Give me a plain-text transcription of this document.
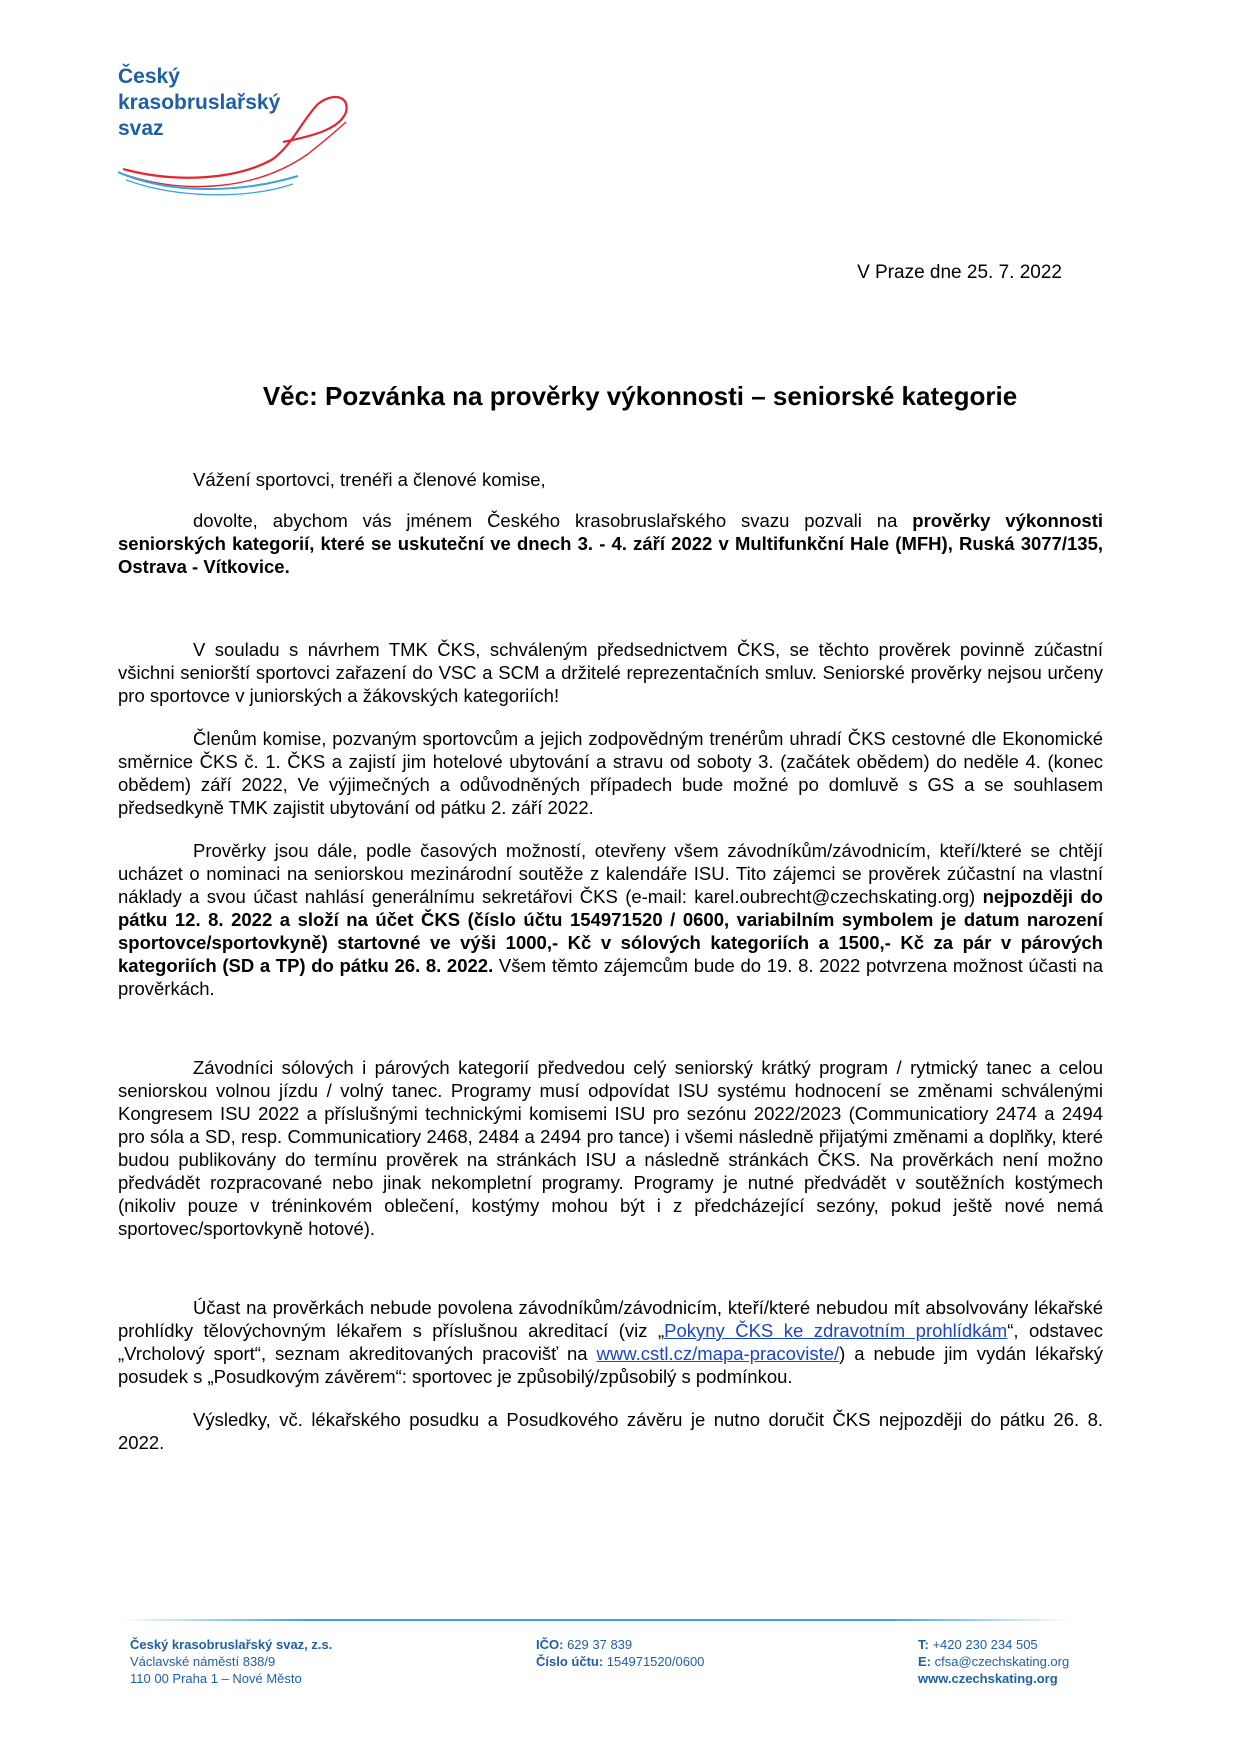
Český
krasobruslařský
svaz
V Praze dne 25. 7. 2022
Věc: Pozvánka na prověrky výkonnosti – seniorské kategorie

Vážení sportovci, trenéři a členové komise,

dovolte, abychom vás jménem Českého krasobruslařského svazu pozvali na prověrky výkonnosti seniorských kategorií, které se uskuteční ve dnech 3. - 4. září 2022 v Multifunkční Hale (MFH), Ruská 3077/135, Ostrava - Vítkovice.

V souladu s návrhem TMK ČKS, schváleným předsednictvem ČKS, se těchto prověrek povinně zúčastní všichni seniorští sportovci zařazení do VSC a SCM a držitelé reprezentačních smluv. Seniorské prověrky nejsou určeny pro sportovce v juniorských a žákovských kategoriích!

Členům komise, pozvaným sportovcům a jejich zodpovědným trenérům uhradí ČKS cestovné dle Ekonomické směrnice ČKS č. 1. ČKS a zajistí jim hotelové ubytování a stravu od soboty 3. (začátek obědem) do neděle 4. (konec obědem) září 2022, Ve výjimečných a odůvodněných případech bude možné po domluvě s GS a se souhlasem předsedkyně TMK zajistit ubytování od pátku 2. září 2022.

Prověrky jsou dále, podle časových možností, otevřeny všem závodníkům/závodnicím, kteří/které se chtějí ucházet o nominaci na seniorskou mezinárodní soutěže z kalendáře ISU. Tito zájemci se prověrek zúčastní na vlastní náklady a svou účast nahlásí generálnímu sekretářovi ČKS (e-mail: karel.oubrecht@czechskating.org) nejpozději do pátku 12. 8. 2022 a složí na účet ČKS (číslo účtu 154971520 / 0600, variabilním symbolem je datum narození sportovce/sportovkyně) startovné ve výši 1000,- Kč v sólových kategoriích a 1500,- Kč za pár v párových kategoriích (SD a TP) do pátku 26. 8. 2022. Všem těmto zájemcům bude do 19. 8. 2022 potvrzena možnost účasti na prověrkách.

Závodníci sólových i párových kategorií předvedou celý seniorský krátký program / rytmický tanec a celou seniorskou volnou jízdu / volný tanec. Programy musí odpovídat ISU systému hodnocení se změnami schválenými Kongresem ISU 2022 a příslušnými technickými komisemi ISU pro sezónu 2022/2023 (Communicatiory 2474 a 2494 pro sóla a SD, resp. Communicatiory 2468, 2484 a 2494 pro tance) i všemi následně přijatými změnami a doplňky, které budou publikovány do termínu prověrek na stránkách ISU a následně stránkách ČKS. Na prověrkách není možno předvádět rozpracované nebo jinak nekompletní programy. Programy je nutné předvádět v soutěžních kostýmech (nikoliv pouze v tréninkovém oblečení, kostýmy mohou být i z předcházející sezóny, pokud ještě nové nemá sportovec/sportovkyně hotové).

Účast na prověrkách nebude povolena závodníkům/závodnicím, kteří/které nebudou mít absolvovány lékařské prohlídky tělovýchovným lékařem s příslušnou akreditací (viz „Pokyny ČKS ke zdravotním prohlídkám“, odstavec „Vrcholový sport“, seznam akreditovaných pracovišť na www.cstl.cz/mapa-pracoviste/) a nebude jim vydán lékařský posudek s „Posudkovým závěrem“: sportovec je způsobilý/způsobilý s podmínkou.

Výsledky, vč. lékařského posudku a Posudkového závěru je nutno doručit ČKS nejpozději do pátku 26. 8. 2022.

Český krasobruslařský svaz, z.s.
Václavské náměstí 838/9
110 00 Praha 1 – Nové Město
IČO: 629 37 839
Číslo účtu: 154971520/0600
T: +420 230 234 505
E: cfsa@czechskating.org
www.czechskating.org
